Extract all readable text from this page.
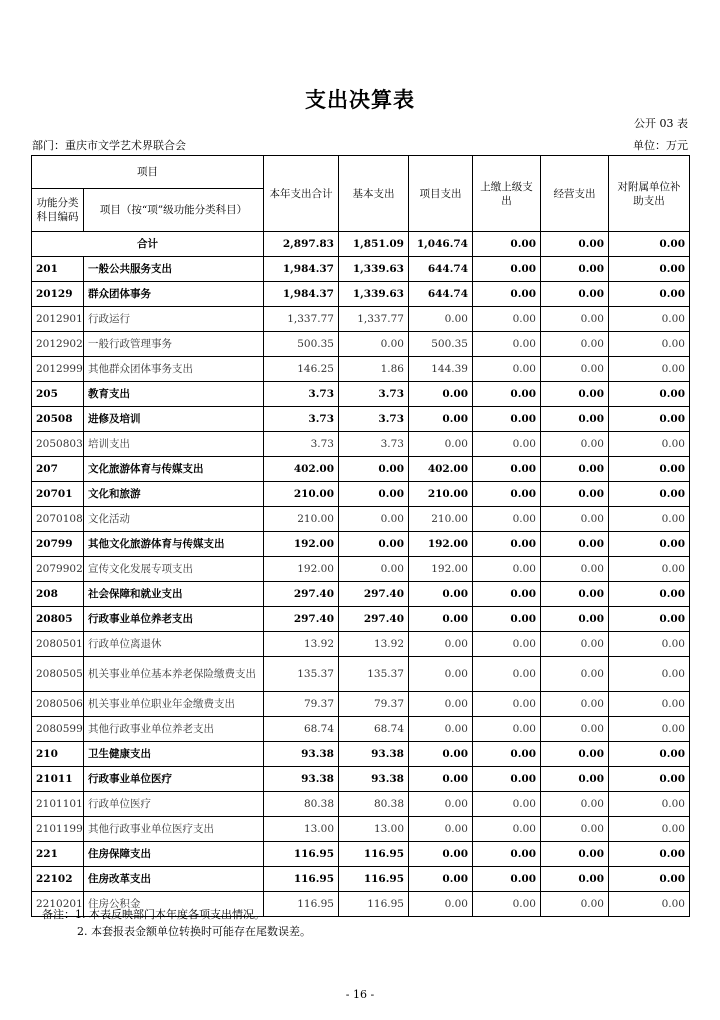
支出决算表
公开 03 表
部门：重庆市文学艺术界联合会	单位：万元
项目		本年支出合计	基本支出	项目支出	上缴上级支出	经营支出	对附属单位补助支出
功能分类科目编码	项目（按“项”级功能分类科目）						
合计		2,897.83	1,851.09	1,046.74	0.00	0.00	0.00
201	一般公共服务支出	1,984.37	1,339.63	644.74	0.00	0.00	0.00
20129	群众团体事务	1,984.37	1,339.63	644.74	0.00	0.00	0.00
2012901	行政运行	1,337.77	1,337.77	0.00	0.00	0.00	0.00
2012902	一般行政管理事务	500.35	0.00	500.35	0.00	0.00	0.00
2012999	其他群众团体事务支出	146.25	1.86	144.39	0.00	0.00	0.00
205	教育支出	3.73	3.73	0.00	0.00	0.00	0.00
20508	进修及培训	3.73	3.73	0.00	0.00	0.00	0.00
2050803	培训支出	3.73	3.73	0.00	0.00	0.00	0.00
207	文化旅游体育与传媒支出	402.00	0.00	402.00	0.00	0.00	0.00
20701	文化和旅游	210.00	0.00	210.00	0.00	0.00	0.00
2070108	文化活动	210.00	0.00	210.00	0.00	0.00	0.00
20799	其他文化旅游体育与传媒支出	192.00	0.00	192.00	0.00	0.00	0.00
2079902	宣传文化发展专项支出	192.00	0.00	192.00	0.00	0.00	0.00
208	社会保障和就业支出	297.40	297.40	0.00	0.00	0.00	0.00
20805	行政事业单位养老支出	297.40	297.40	0.00	0.00	0.00	0.00
2080501	行政单位离退休	13.92	13.92	0.00	0.00	0.00	0.00
2080505	机关事业单位基本养老保险缴费支出	135.37	135.37	0.00	0.00	0.00	0.00
2080506	机关事业单位职业年金缴费支出	79.37	79.37	0.00	0.00	0.00	0.00
2080599	其他行政事业单位养老支出	68.74	68.74	0.00	0.00	0.00	0.00
210	卫生健康支出	93.38	93.38	0.00	0.00	0.00	0.00
21011	行政事业单位医疗	93.38	93.38	0.00	0.00	0.00	0.00
2101101	行政单位医疗	80.38	80.38	0.00	0.00	0.00	0.00
2101199	其他行政事业单位医疗支出	13.00	13.00	0.00	0.00	0.00	0.00
221	住房保障支出	116.95	116.95	0.00	0.00	0.00	0.00
22102	住房改革支出	116.95	116.95	0.00	0.00	0.00	0.00
2210201	住房公积金	116.95	116.95	0.00	0.00	0.00	0.00
备注：1. 本表反映部门本年度各项支出情况。
2. 本套报表金额单位转换时可能存在尾数误差。
- 16 -
